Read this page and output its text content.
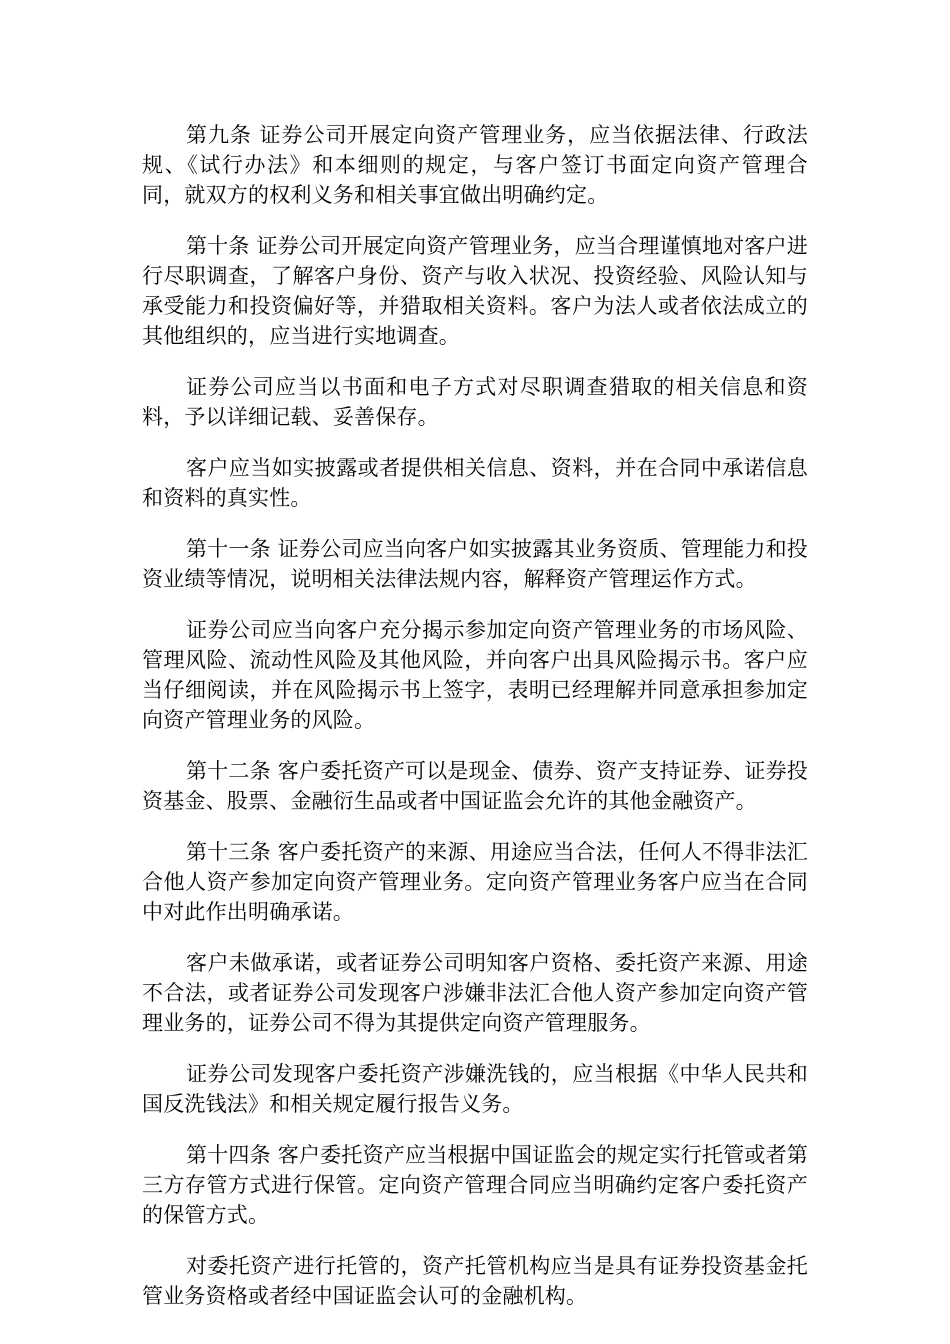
第九条 证券公司开展定向资产管理业务，应当依据法律、行政法规、《试行办法》和本细则的规定，与客户签订书面定向资产管理合同，就双方的权利义务和相关事宜做出明确约定。

第十条 证券公司开展定向资产管理业务，应当合理谨慎地对客户进行尽职调查，了解客户身份、资产与收入状况、投资经验、风险认知与承受能力和投资偏好等，并猎取相关资料。客户为法人或者依法成立的其他组织的，应当进行实地调查。

证券公司应当以书面和电子方式对尽职调查猎取的相关信息和资料，予以详细记载、妥善保存。

客户应当如实披露或者提供相关信息、资料，并在合同中承诺信息和资料的真实性。

第十一条 证券公司应当向客户如实披露其业务资质、管理能力和投资业绩等情况，说明相关法律法规内容，解释资产管理运作方式。

证券公司应当向客户充分揭示参加定向资产管理业务的市场风险、管理风险、流动性风险及其他风险，并向客户出具风险揭示书。客户应当仔细阅读，并在风险揭示书上签字，表明已经理解并同意承担参加定向资产管理业务的风险。

第十二条 客户委托资产可以是现金、债券、资产支持证券、证券投资基金、股票、金融衍生品或者中国证监会允许的其他金融资产。

第十三条 客户委托资产的来源、用途应当合法，任何人不得非法汇合他人资产参加定向资产管理业务。定向资产管理业务客户应当在合同中对此作出明确承诺。

客户未做承诺，或者证券公司明知客户资格、委托资产来源、用途不合法，或者证券公司发现客户涉嫌非法汇合他人资产参加定向资产管理业务的，证券公司不得为其提供定向资产管理服务。

证券公司发现客户委托资产涉嫌洗钱的，应当根据《中华人民共和国反洗钱法》和相关规定履行报告义务。

第十四条 客户委托资产应当根据中国证监会的规定实行托管或者第三方存管方式进行保管。定向资产管理合同应当明确约定客户委托资产的保管方式。

对委托资产进行托管的，资产托管机构应当是具有证券投资基金托管业务资格或者经中国证监会认可的金融机构。
